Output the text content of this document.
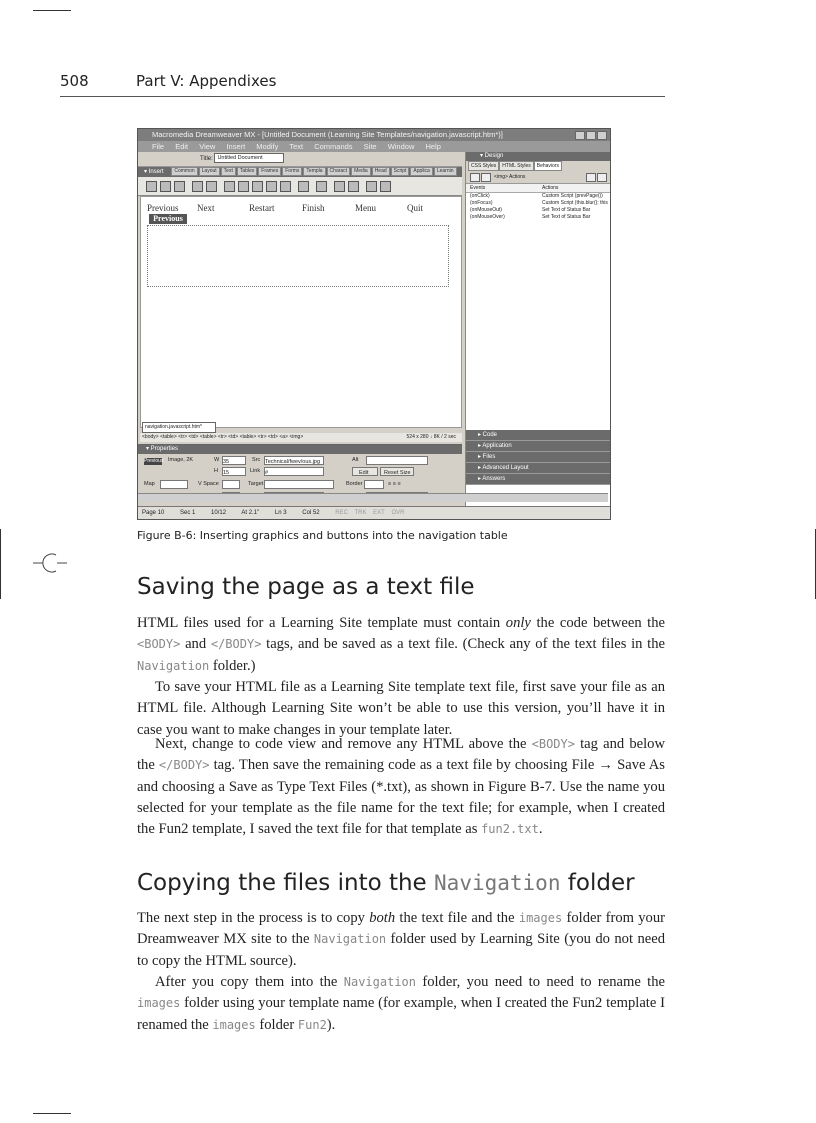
508	Part V: Appendixes
Macromedia Dreamweaver MX - [Untitled Document (Learning Site Templates/navigation.javascript.htm*)]
File Edit View Insert Modify Text Commands Site Window Help
Title: Untitled Document
▾ Insert Common Layout Text Tables Frames Forms Templa Charact Media Head Script Applica Learnin
Previous Next	Restart	Finish	Menu	Quit
Previous
navigation.javascript.htm*
<body> <table> <tr> <td> <table> <tr> <td> <table> <tr> <td> <a> <img>	524 x 280 ↓ 8K / 2 sec
▾ Properties
Image, 2K	W 35	Src Technical/fwev/ous.jpg	Alt
Previous
H 15	Link #	Edit	Reset Size
Map	V Space	Target	Border	≡ ≡ ≡
▾ Design
CSS Styles HTML Styles Behaviors
<img> Actions
Events	Actions
(onClick)	Custom Script (prevPage())
(onFocus)	Custom Script (this.blur(); this
(onMouseOut)	Set Text of Status Bar
(onMouseOver)	Set Text of Status Bar
▸ Code
▸ Application
▸ Files
▸ Advanced Layout
▸ Answers
Page 10	Sec 1	10/12	At 2.1"	Ln 3	Col 52	REC TRK EXT OVR
Figure B-6: Inserting graphics and buttons into the navigation table
Saving the page as a text file

HTML files used for a Learning Site template must contain only the code between the <BODY> and </BODY> tags, and be saved as a text file. (Check any of the text files in the Navigation folder.)

To save your HTML file as a Learning Site template text file, first save your file as an HTML file. Although Learning Site won’t be able to use this version, you’ll have it in case you want to make changes in your template later.

Next, change to code view and remove any HTML above the <BODY> tag and below the </BODY> tag. Then save the remaining code as a text file by choosing File → Save As and choosing a Save as Type Text Files (*.txt), as shown in Figure B-7. Use the name you selected for your template as the file name for the text file; for example, when I created the Fun2 template, I saved the text file for that template as fun2.txt.

Copying the files into the Navigation folder

The next step in the process is to copy both the text file and the images folder from your Dreamweaver MX site to the Navigation folder used by Learning Site (you do not need to copy the HTML source).

After you copy them into the Navigation folder, you need to need to rename the images folder using your template name (for example, when I created the Fun2 template I renamed the images folder Fun2).
